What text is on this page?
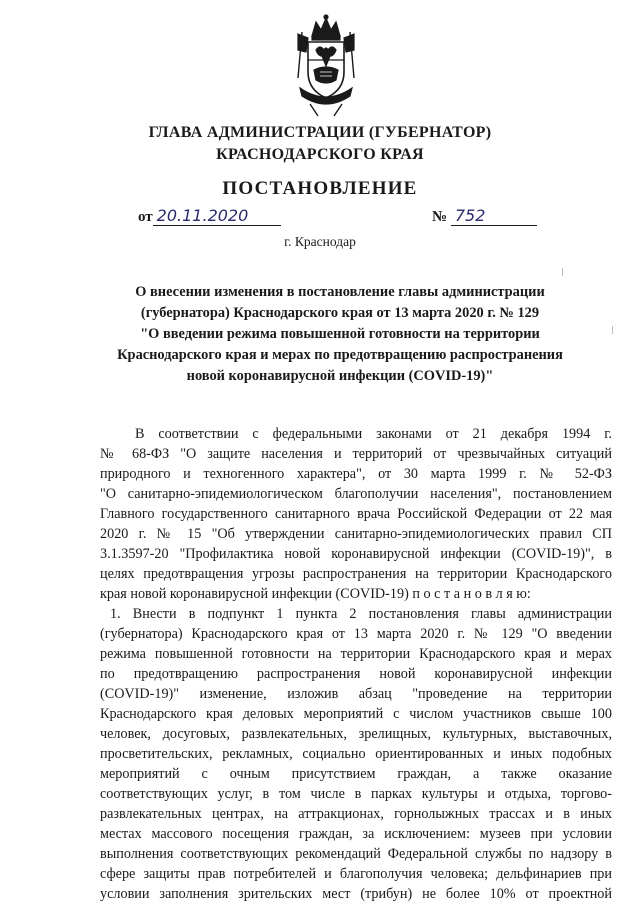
ГЛАВА АДМИНИСТРАЦИИ (ГУБЕРНАТОР)
КРАСНОДАРСКОГО КРАЯ
ПОСТАНОВЛЕНИЕ
от 20.11.2020	№ 752
г. Краснодар
О внесении изменения в постановление главы администрации
(губернатора) Краснодарского края от 13 марта 2020 г. № 129
"О введении режима повышенной готовности на территории
Краснодарского края и мерах по предотвращению распространения
новой коронавирусной инфекции (COVID-19)"
В соответствии с федеральными законами от 21 декабря 1994 г.
№ 68-ФЗ "О защите населения и территорий от чрезвычайных ситуаций
природного и техногенного характера", от 30 марта 1999 г. № 52-ФЗ
"О санитарно-эпидемиологическом благополучии населения", постановлением
Главного государственного санитарного врача Российской Федерации от 22 мая
2020 г. № 15 "Об утверждении санитарно-эпидемиологических правил СП
3.1.3597-20 "Профилактика новой коронавирусной инфекции (COVID-19)", в
целях предотвращения угрозы распространения на территории Краснодарского
края новой коронавирусной инфекции (COVID-19) п о с т а н о в л я ю:
1. Внести в подпункт 1 пункта 2 постановления главы администрации
(губернатора) Краснодарского края от 13 марта 2020 г. № 129 "О введении
режима повышенной готовности на территории Краснодарского края и мерах
по предотвращению распространения новой коронавирусной инфекции
(COVID-19)" изменение, изложив абзац "проведение на территории
Краснодарского края деловых мероприятий с числом участников свыше 100
человек, досуговых, развлекательных, зрелищных, культурных, выставочных,
просветительских, рекламных, социально ориентированных и иных подобных
мероприятий с очным присутствием граждан, а также оказание
соответствующих услуг, в том числе в парках культуры и отдыха, торгово-
развлекательных центрах, на аттракционах, горнолыжных трассах и в иных
местах массового посещения граждан, за исключением: музеев при условии
выполнения соответствующих рекомендаций Федеральной службы по надзору в
сфере защиты прав потребителей и благополучия человека; дельфинариев при
условии заполнения зрительских мест (трибун) не более 10% от проектной
